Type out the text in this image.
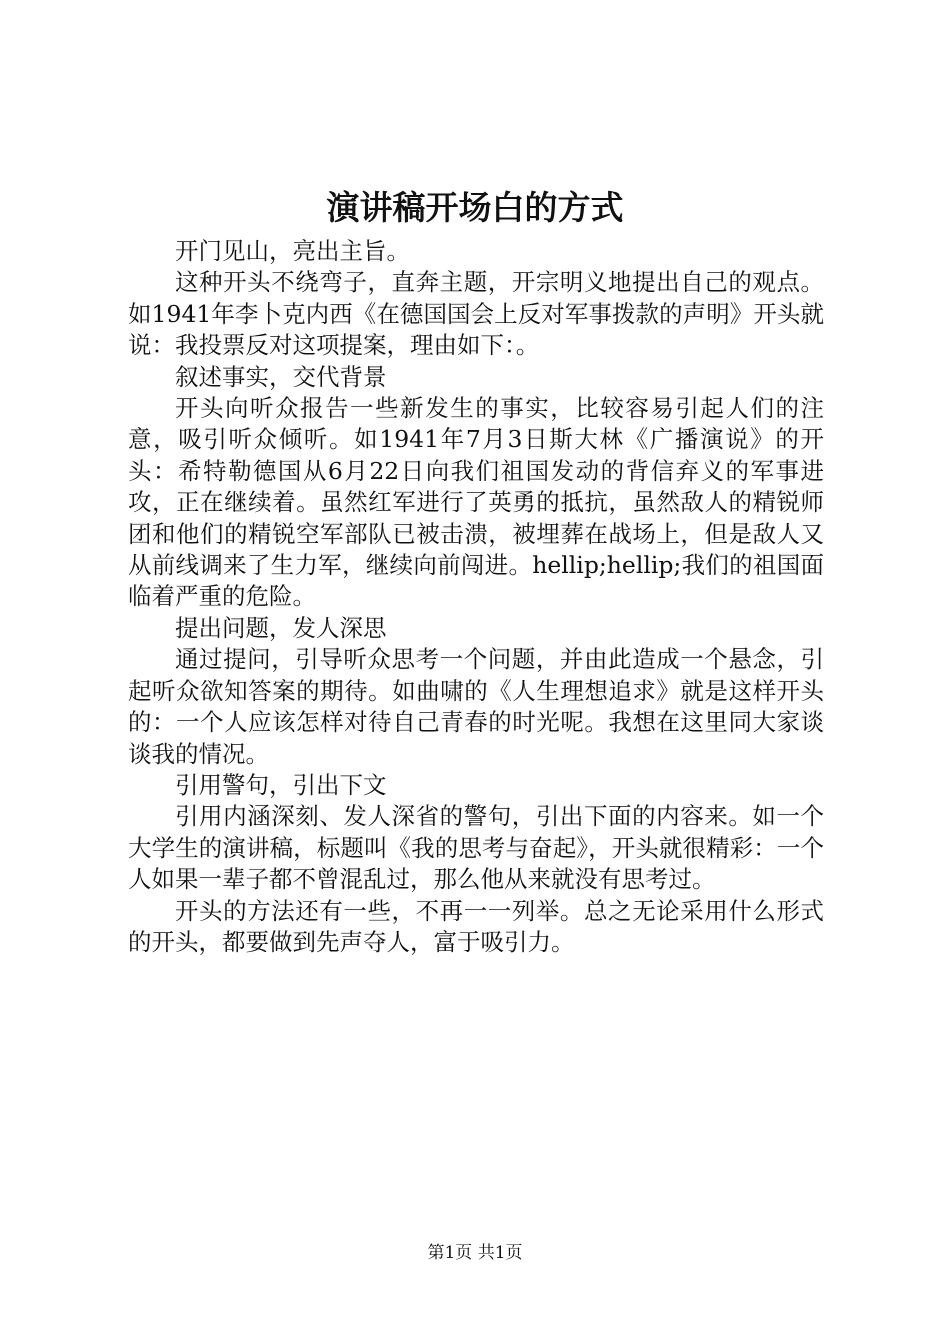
演讲稿开场白的方式

开门见山，亮出主旨。

这种开头不绕弯子，直奔主题，开宗明义地提出自己的观点。如1941年李卜克内西《在德国国会上反对军事拨款的声明》开头就说：我投票反对这项提案，理由如下：。

叙述事实，交代背景

开头向听众报告一些新发生的事实，比较容易引起人们的注意，吸引听众倾听。如1941年7月3日斯大林《广播演说》的开头：希特勒德国从6月22日向我们祖国发动的背信弃义的军事进攻，正在继续着。虽然红军进行了英勇的抵抗，虽然敌人的精锐师团和他们的精锐空军部队已被击溃，被埋葬在战场上，但是敌人又从前线调来了生力军，继续向前闯进。hellip;hellip;我们的祖国面临着严重的危险。

提出问题，发人深思

通过提问，引导听众思考一个问题，并由此造成一个悬念，引起听众欲知答案的期待。如曲啸的《人生理想追求》就是这样开头的：一个人应该怎样对待自己青春的时光呢。我想在这里同大家谈谈我的情况。

引用警句，引出下文

引用内涵深刻、发人深省的警句，引出下面的内容来。如一个大学生的演讲稿，标题叫《我的思考与奋起》，开头就很精彩：一个人如果一辈子都不曾混乱过，那么他从来就没有思考过。

开头的方法还有一些，不再一一列举。总之无论采用什么形式的开头，都要做到先声夺人，富于吸引力。

第1页 共1页
